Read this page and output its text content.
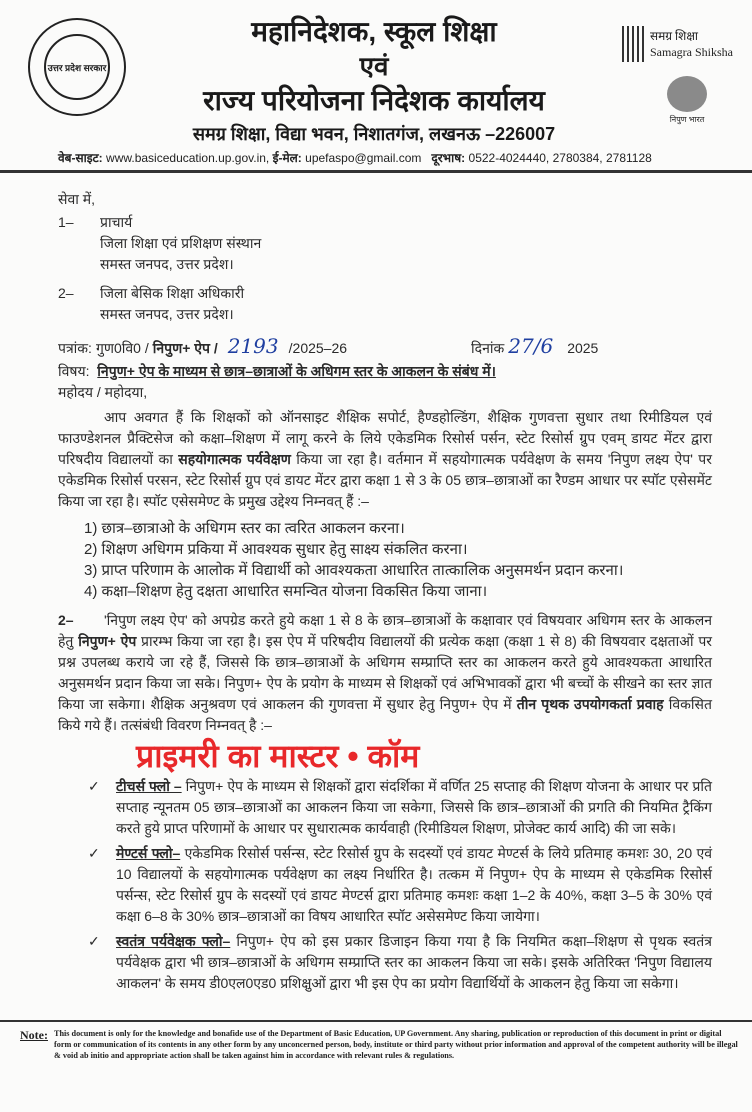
उत्तर प्रदेश सरकार
महानिदेशक, स्कूल शिक्षा
एवं
राज्य परियोजना निदेशक कार्यालय
समग्र शिक्षा, विद्या भवन, निशातगंज, लखनऊ –226007
समग्र शिक्षा
Samagra Shiksha
निपुण भारत
वेब-साइट: www.basiceducation.up.gov.in, ई-मेल: upefaspo@gmail.com दूरभाष: 0522-4024440, 2780384, 2781128
सेवा में,
1–	प्राचार्य
जिला शिक्षा एवं प्रशिक्षण संस्थान
समस्त जनपद, उत्तर प्रदेश।
2–	जिला बेसिक शिक्षा अधिकारी
समस्त जनपद, उत्तर प्रदेश।
पत्रांक: गुण0वि0 / निपुण+ ऐप / 2193 /2025–26	दिनांक 27/6 2025
विषय: निपुण+ ऐप के माध्यम से छात्र–छात्राओं के अधिगम स्तर के आकलन के संबंध में।
महोदय / महोदया,
आप अवगत हैं कि शिक्षकों को ऑनसाइट शैक्षिक सपोर्ट, हैण्डहोल्डिंग, शैक्षिक गुणवत्ता सुधार तथा रिमीडियल एवं फाउण्डेशनल प्रैक्टिसेज को कक्षा–शिक्षण में लागू करने के लिये एकेडमिक रिसोर्स पर्सन, स्टेट रिसोर्स ग्रुप एवम् डायट मेंटर द्वारा परिषदीय विद्यालयों का सहयोगात्मक पर्यवेक्षण किया जा रहा है। वर्तमान में सहयोगात्मक पर्यवेक्षण के समय 'निपुण लक्ष्य ऐप' पर एकेडमिक रिसोर्स परसन, स्टेट रिसोर्स ग्रुप एवं डायट मेंटर द्वारा कक्षा 1 से 3 के 05 छात्र–छात्राओं का रैण्डम आधार पर स्पॉट एसेसमेंट किया जा रहा है। स्पॉट एसेसमेण्ट के प्रमुख उद्देश्य निम्नवत् हैं :–
1) छात्र–छात्राओ के अधिगम स्तर का त्वरित आकलन करना।
2) शिक्षण अधिगम प्रकिया में आवश्यक सुधार हेतु साक्ष्य संकलित करना।
3) प्राप्त परिणाम के आलोक में विद्यार्थी को आवश्यकता आधारित तात्कालिक अनुसमर्थन प्रदान करना।
4) कक्षा–शिक्षण हेतु दक्षता आधारित समन्वित योजना विकसित किया जाना।
2– 'निपुण लक्ष्य ऐप' को अपग्रेड करते हुये कक्षा 1 से 8 के छात्र–छात्राओं के कक्षावार एवं विषयवार अधिगम स्तर के आकलन हेतु निपुण+ ऐप प्रारम्भ किया जा रहा है। इस ऐप में परिषदीय विद्यालयों की प्रत्येक कक्षा (कक्षा 1 से 8) की विषयवार दक्षताओं पर प्रश्न उपलब्ध कराये जा रहे हैं, जिससे कि छात्र–छात्राओं के अधिगम सम्प्राप्ति स्तर का आकलन करते हुये आवश्यकता आधारित अनुसमर्थन प्रदान किया जा सके। निपुण+ ऐप के प्रयोग के माध्यम से शिक्षकों एवं अभिभावकों द्वारा भी बच्चों के सीखने का स्तर ज्ञात किया जा सकेगा। शैक्षिक अनुश्रवण एवं आकलन की गुणवत्ता में सुधार हेतु निपुण+ ऐप में तीन पृथक उपयोगकर्ता प्रवाह विकसित किये गये हैं। तत्संबंधी विवरण निम्नवत् है :–
प्राइमरी का मास्टर • कॉम
✓	टीचर्स फ्लो – निपुण+ ऐप के माध्यम से शिक्षकों द्वारा संदर्शिका में वर्णित 25 सप्ताह की शिक्षण योजना के आधार पर प्रति सप्ताह न्यूनतम 05 छात्र–छात्राओं का आकलन किया जा सकेगा, जिससे कि छात्र–छात्राओं की प्रगति की नियमित ट्रैकिंग करते हुये प्राप्त परिणामों के आधार पर सुधारात्मक कार्यवाही (रिमीडियल शिक्षण, प्रोजेक्ट कार्य आदि) की जा सके।
✓	मेण्टर्स फ्लो– एकेडमिक रिसोर्स पर्सन्स, स्टेट रिसोर्स ग्रुप के सदस्यों एवं डायट मेण्टर्स के लिये प्रतिमाह कमशः 30, 20 एवं 10 विद्यालयों के सहयोगात्मक पर्यवेक्षण का लक्ष्य निर्धारित है। तत्कम में निपुण+ ऐप के माध्यम से एकेडमिक रिसोर्स पर्सन्स, स्टेट रिसोर्स ग्रुप के सदस्यों एवं डायट मेण्टर्स द्वारा प्रतिमाह कमशः कक्षा 1–2 के 40%, कक्षा 3–5 के 30% एवं कक्षा 6–8 के 30% छात्र–छात्राओं का विषय आधारित स्पॉट असेसमेण्ट किया जायेगा।
✓	स्वतंत्र पर्यवेक्षक फ्लो– निपुण+ ऐप को इस प्रकार डिजाइन किया गया है कि नियमित कक्षा–शिक्षण से पृथक स्वतंत्र पर्यवेक्षक द्वारा भी छात्र–छात्राओं के अधिगम सम्प्राप्ति स्तर का आकलन किया जा सके। इसके अतिरिक्त 'निपुण विद्यालय आकलन' के समय डी0एल0एड0 प्रशिक्षुओं द्वारा भी इस ऐप का प्रयोग विद्यार्थियों के आकलन हेतु किया जा सकेगा।
Note: This document is only for the knowledge and bonafide use of the Department of Basic Education, UP Government. Any sharing, publication or reproduction of this document in print or digital form or communication of its contents in any other form by any unconcerned person, body, institute or third party without prior information and approval of the competent authority will be illegal & void ab initio and appropriate action shall be taken against him in accordance with relevant rules & regulations.
